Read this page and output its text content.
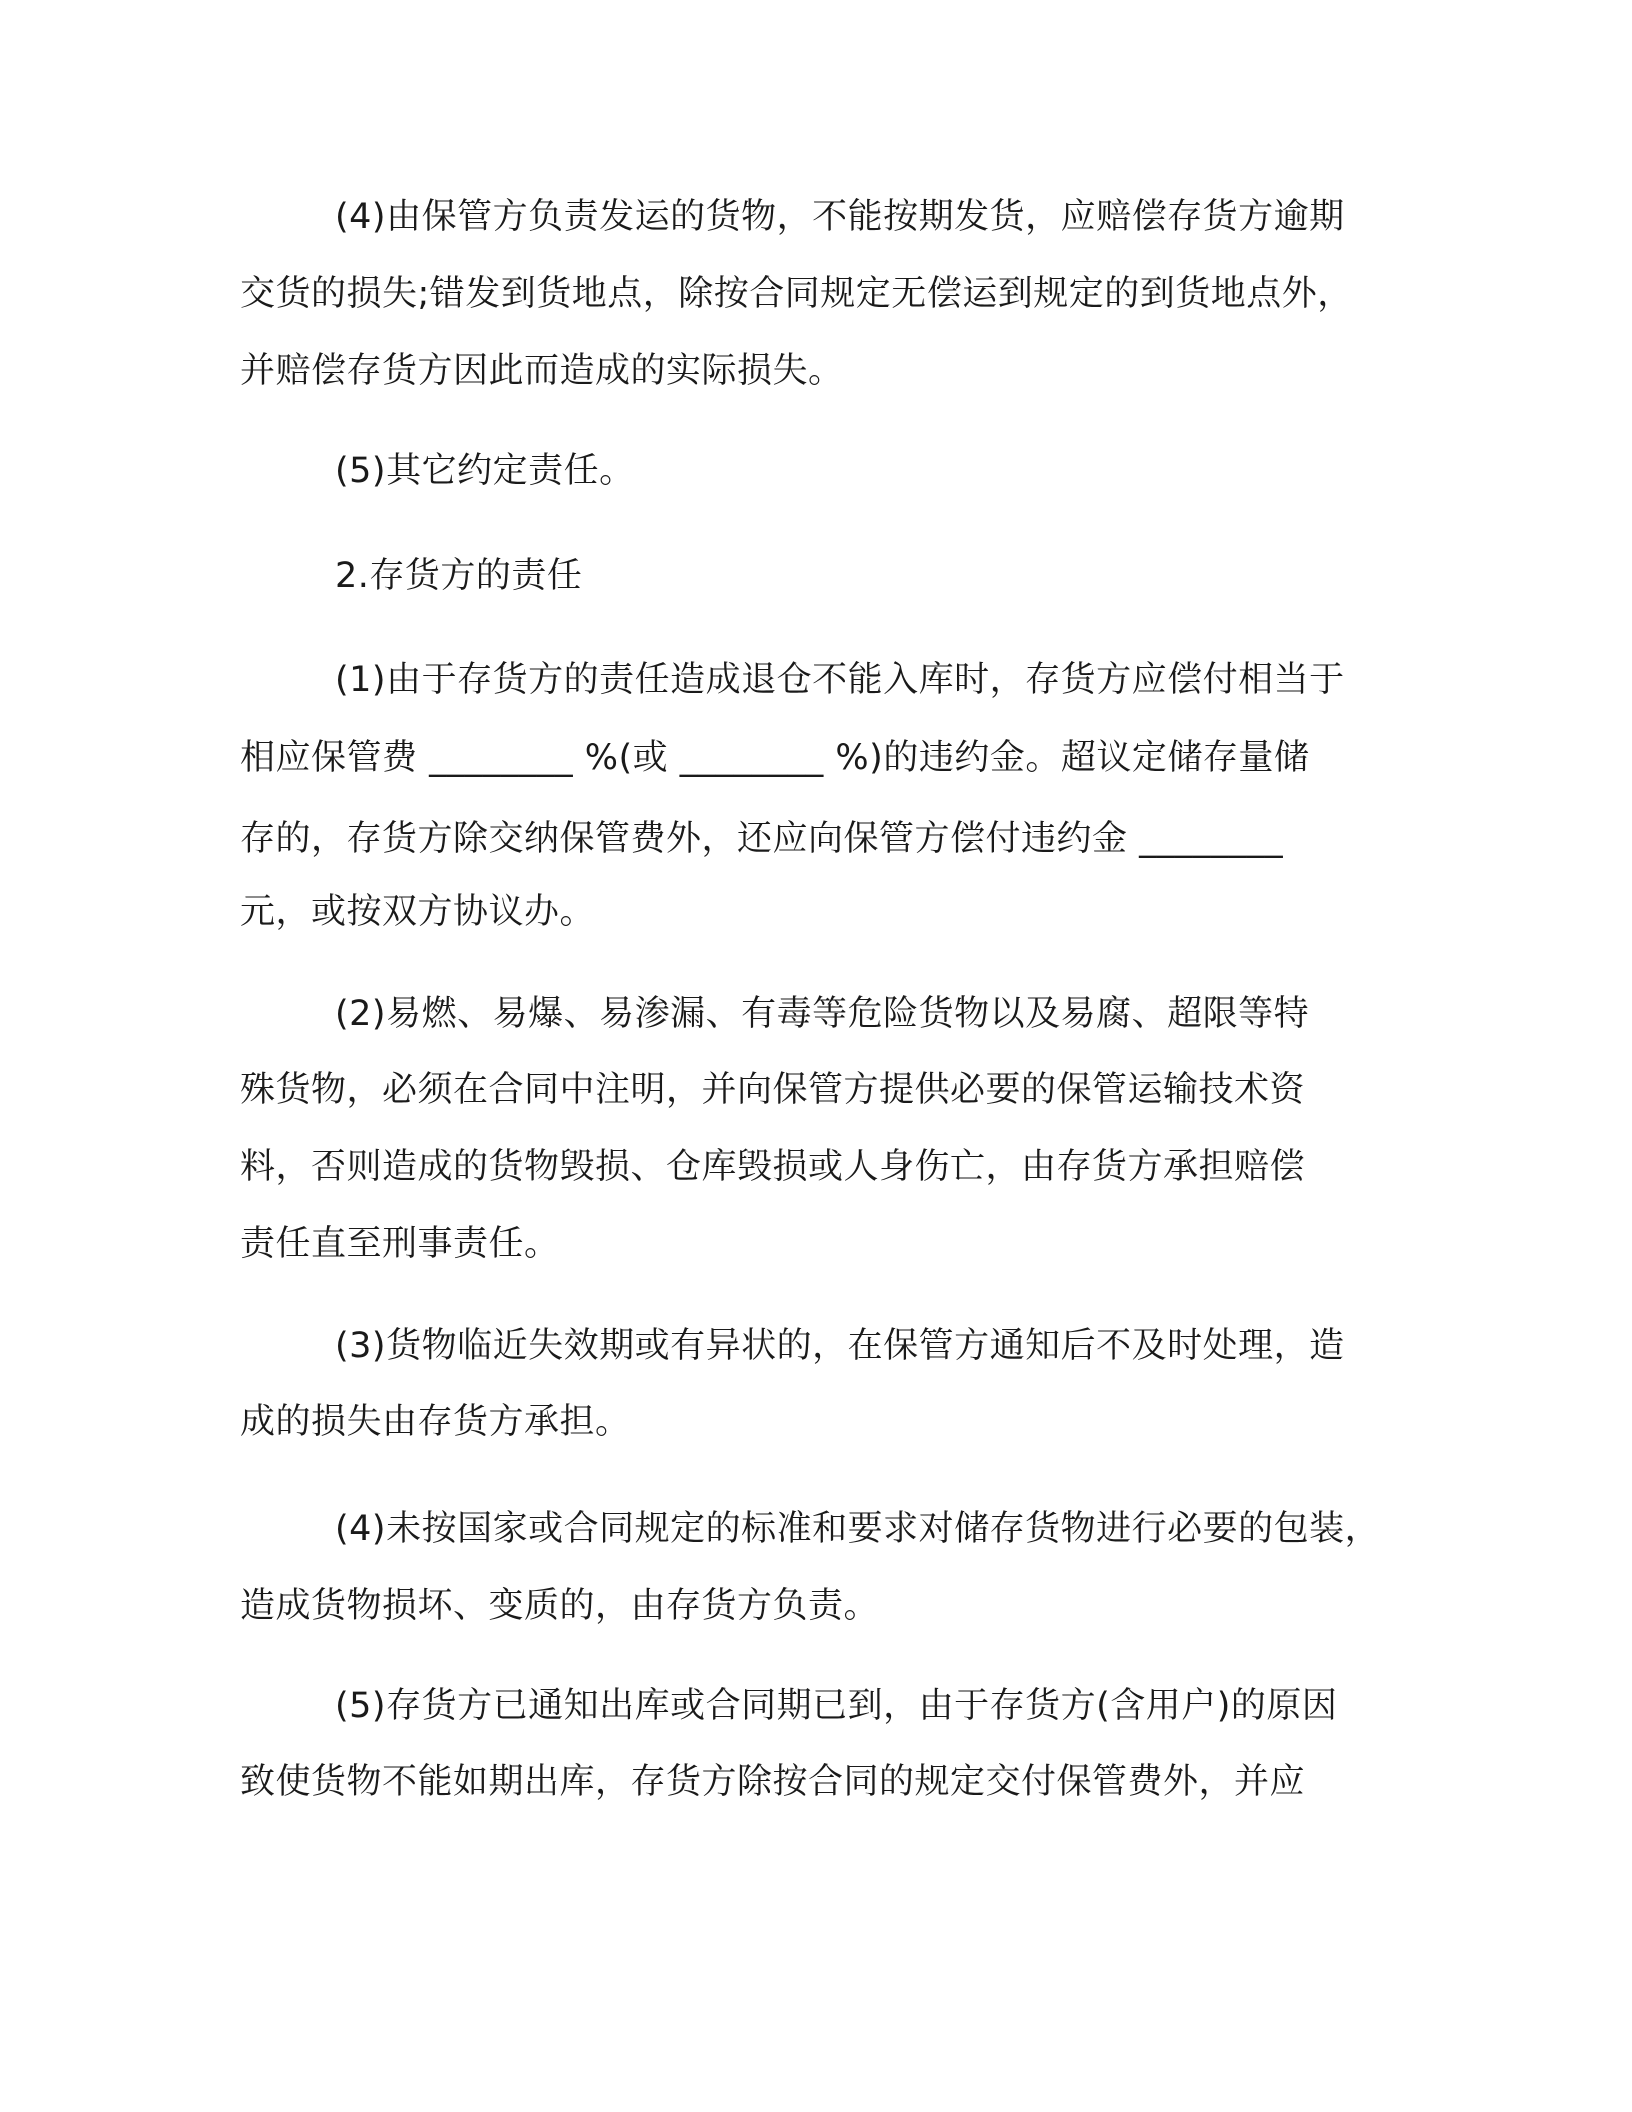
(4)由保管方负责发运的货物，不能按期发货，应赔偿存货方逾期
交货的损失;错发到货地点，除按合同规定无偿运到规定的到货地点外，
并赔偿存货方因此而造成的实际损失。
(5)其它约定责任。
2.存货方的责任
(1)由于存货方的责任造成退仓不能入库时，存货方应偿付相当于
相应保管费 ________ %(或 ________ %)的违约金。超议定储存量储
存的，存货方除交纳保管费外，还应向保管方偿付违约金 ________
元，或按双方协议办。
(2)易燃、易爆、易渗漏、有毒等危险货物以及易腐、超限等特
殊货物，必须在合同中注明，并向保管方提供必要的保管运输技术资
料，否则造成的货物毁损、仓库毁损或人身伤亡，由存货方承担赔偿
责任直至刑事责任。
(3)货物临近失效期或有异状的，在保管方通知后不及时处理，造
成的损失由存货方承担。
(4)未按国家或合同规定的标准和要求对储存货物进行必要的包装，
造成货物损坏、变质的，由存货方负责。
(5)存货方已通知出库或合同期已到，由于存货方(含用户)的原因
致使货物不能如期出库，存货方除按合同的规定交付保管费外，并应
